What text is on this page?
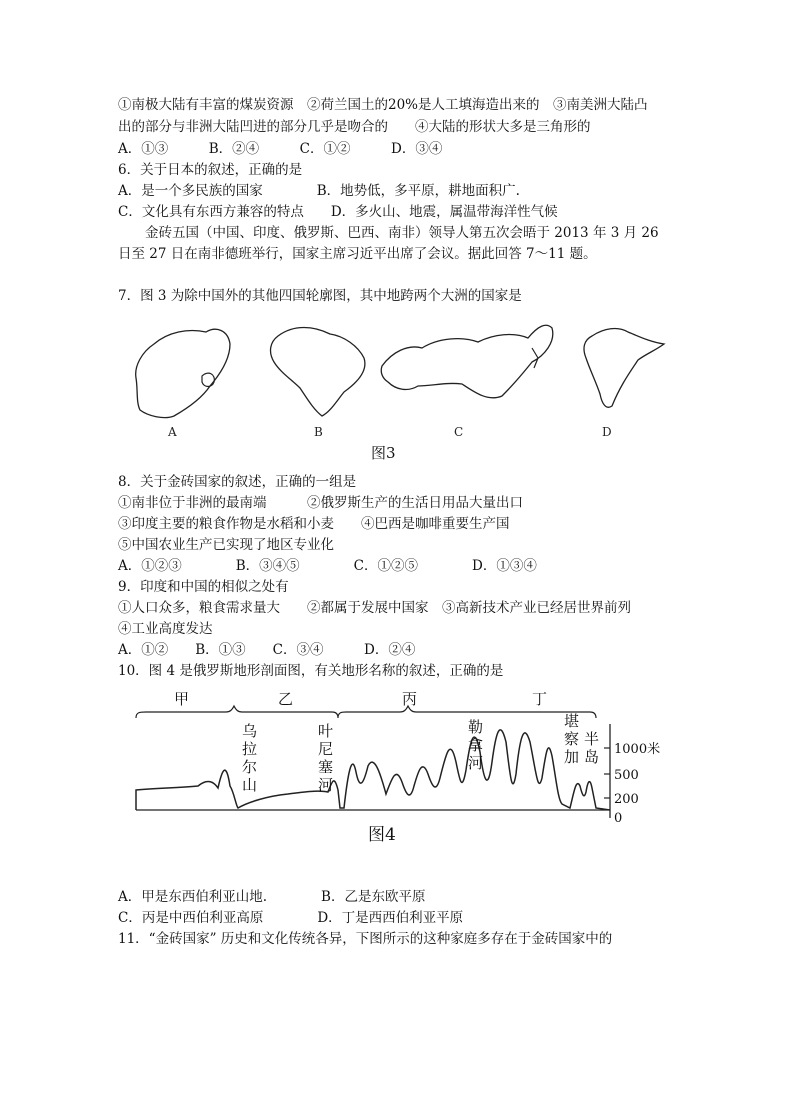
①南极大陆有丰富的煤炭资源　②荷兰国土的20%是人工填海造出来的　③南美洲大陆凸
出的部分与非洲大陆凹进的部分几乎是吻合的　　④大陆的形状大多是三角形的
A．①③　　　B．②④　　　C．①②　　　D．③④
6．关于日本的叙述，正确的是
A．是一个多民族的国家　　　　B．地势低，多平原，耕地面积广.
C．文化具有东西方兼容的特点　　D．多火山、地震，属温带海洋性气候
　　金砖五国（中国、印度、俄罗斯、巴西、南非）领导人第五次会晤于 2013 年 3 月 26
日至 27 日在南非德班举行，国家主席习近平出席了会议。据此回答 7～11 题。
7．图 3 为除中国外的其他四国轮廓图，其中地跨两个大洲的国家是
A	B	C	D
图3
8．关于金砖国家的叙述，正确的一组是
①南非位于非洲的最南端　　　②俄罗斯生产的生活日用品大量出口
③印度主要的粮食作物是水稻和小麦　　④巴西是咖啡重要生产国
⑤中国农业生产已实现了地区专业化
A．①②③　　　　B．③④⑤　　　　C．①②⑤　　　　D．①③④
9．印度和中国的相似之处有
①人口众多，粮食需求量大　　②都属于发展中国家　③高新技术产业已经居世界前列
④工业高度发达
A．①②　　B．①③　　C．③④　　　D．②④
10．图 4 是俄罗斯地形剖面图，有关地形名称的叙述，正确的是
甲	乙	丙	丁
乌
拉
尔
山
叶
尼
塞
河
勒
拿
河
堪
察
加
半
岛 1000米
500
200
0
图4
A．甲是东西伯利亚山地.　　　　B．乙是东欧平原
C．丙是中西伯利亚高原　　　　D．丁是西西伯利亚平原
11．“金砖国家” 历史和文化传统各异，下图所示的这种家庭多存在于金砖国家中的
